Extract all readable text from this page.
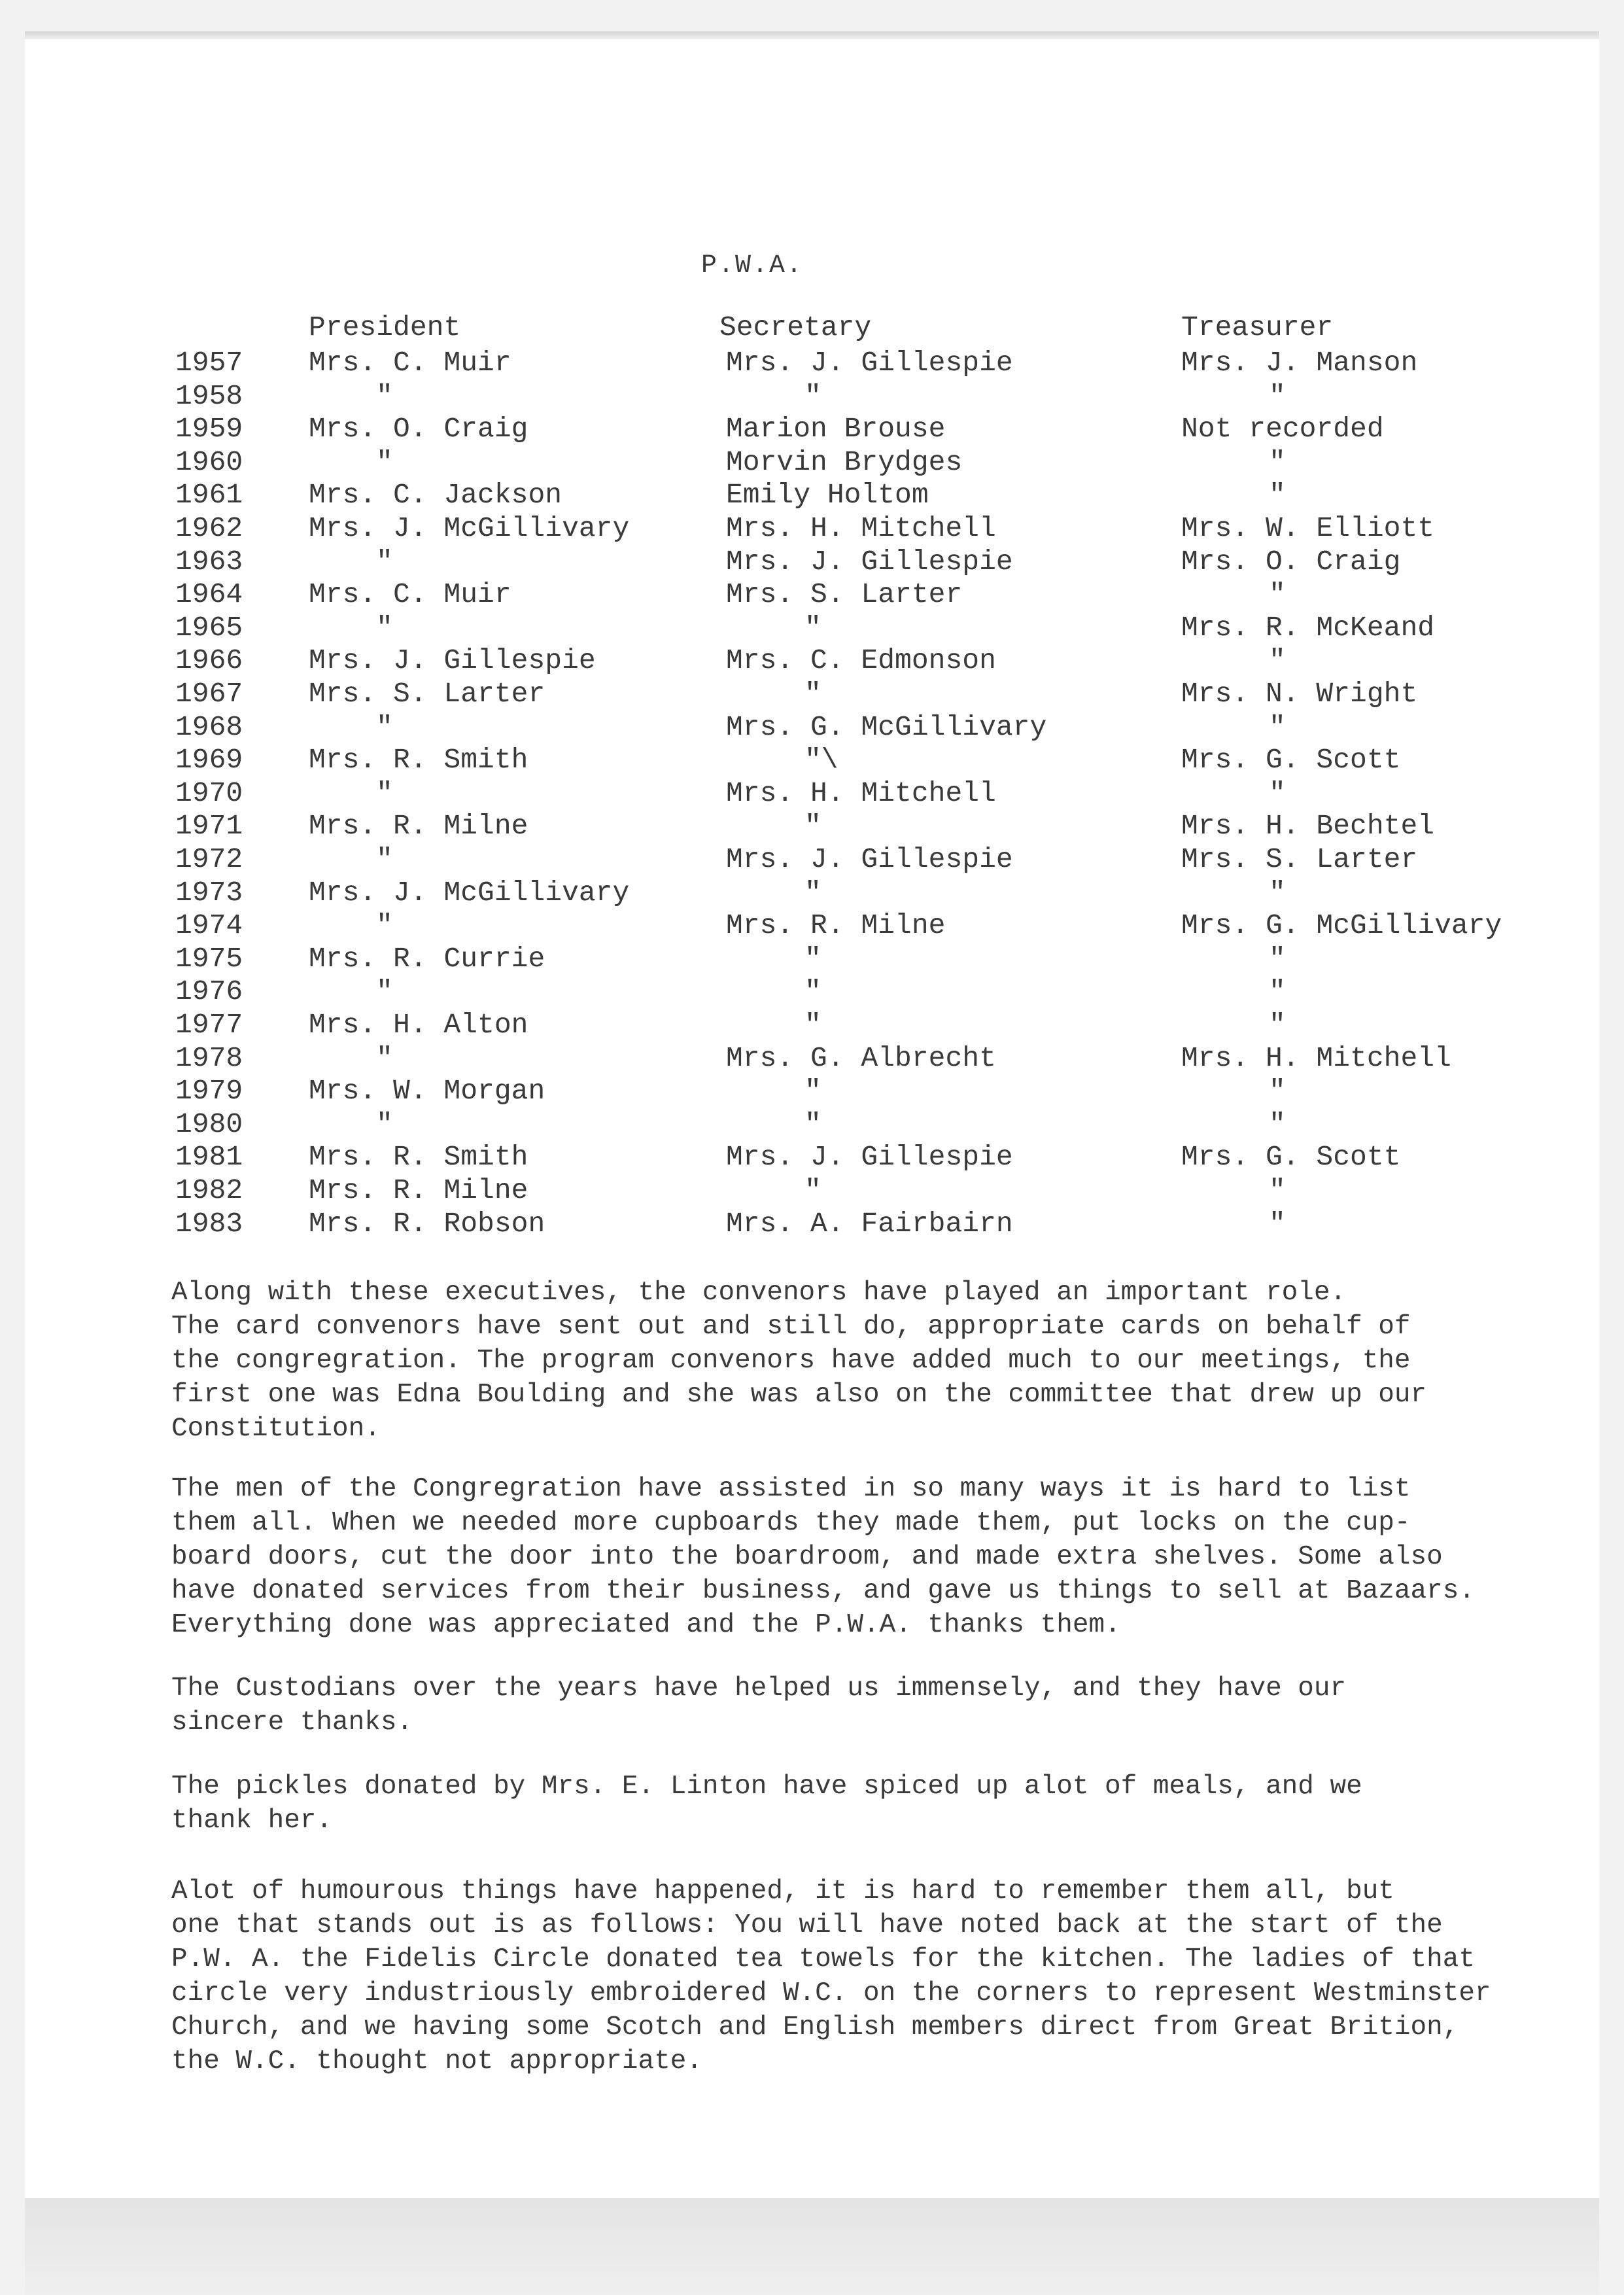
P.W.A.
President	Secretary	Treasurer
1957 Mrs. C. Muir	Mrs. J. Gillespie	Mrs. J. Manson
1958	"	"	"
1959 Mrs. O. Craig	Marion Brouse	Not recorded
1960	"	Morvin Brydges	"
1961 Mrs. C. Jackson	Emily Holtom	"
1962 Mrs. J. McGillivary	Mrs. H. Mitchell	Mrs. W. Elliott
1963	"	Mrs. J. Gillespie	Mrs. O. Craig
1964 Mrs. C. Muir	Mrs. S. Larter	"
1965	"	"	Mrs. R. McKeand
1966 Mrs. J. Gillespie	Mrs. C. Edmonson	"
1967 Mrs. S. Larter	"	Mrs. N. Wright
1968	"	Mrs. G. McGillivary	"
1969 Mrs. R. Smith	"\	Mrs. G. Scott
1970	"	Mrs. H. Mitchell	"
1971 Mrs. R. Milne	"	Mrs. H. Bechtel
1972	"	Mrs. J. Gillespie	Mrs. S. Larter
1973 Mrs. J. McGillivary	"	"
1974	"	Mrs. R. Milne	Mrs. G. McGillivary
1975 Mrs. R. Currie	"	"
1976	"	"	"
1977 Mrs. H. Alton	"	"
1978	"	Mrs. G. Albrecht	Mrs. H. Mitchell
1979 Mrs. W. Morgan	"	"
1980	"	"	"
1981 Mrs. R. Smith	Mrs. J. Gillespie	Mrs. G. Scott
1982 Mrs. R. Milne	"	"
1983 Mrs. R. Robson	Mrs. A. Fairbairn	"
Along with these executives, the convenors have played an important role.
The card convenors have sent out and still do, appropriate cards on behalf of
the congregration. The program convenors have added much to our meetings, the
first one was Edna Boulding and she was also on the committee that drew up our
Constitution.
The men of the Congregration have assisted in so many ways it is hard to list
them all. When we needed more cupboards they made them, put locks on the cup-
board doors, cut the door into the boardroom, and made extra shelves. Some also
have donated services from their business, and gave us things to sell at Bazaars.
Everything done was appreciated and the P.W.A. thanks them.
The Custodians over the years have helped us immensely, and they have our
sincere thanks.
The pickles donated by Mrs. E. Linton have spiced up alot of meals, and we
thank her.
Alot of humourous things have happened, it is hard to remember them all, but
one that stands out is as follows: You will have noted back at the start of the
P.W. A. the Fidelis Circle donated tea towels for the kitchen. The ladies of that
circle very industriously embroidered W.C. on the corners to represent Westminster
Church, and we having some Scotch and English members direct from Great Brition,
the W.C. thought not appropriate.
